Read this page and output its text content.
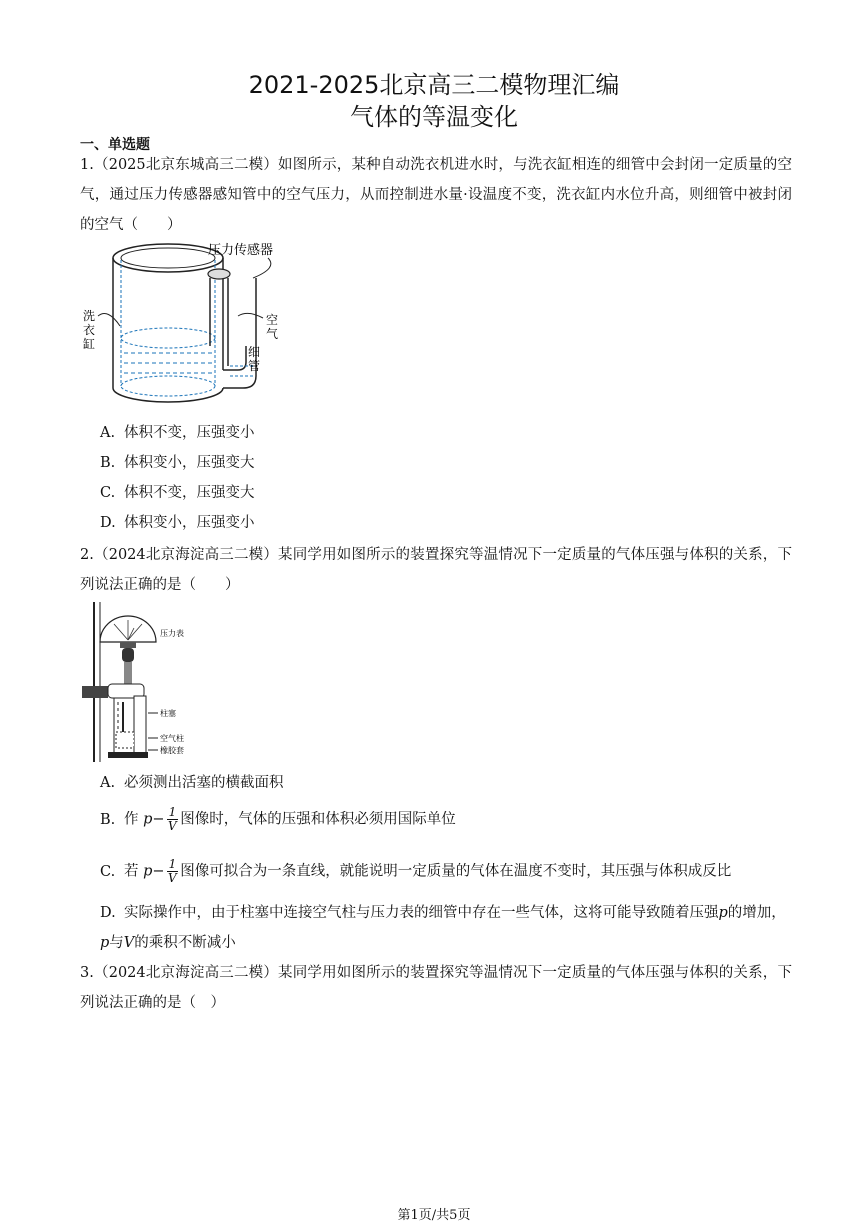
2021-2025北京高三二模物理汇编
气体的等温变化
一、单选题
1.（2025北京东城高三二模）如图所示，某种自动洗衣机进水时，与洗衣缸相连的细管中会封闭一定质量的空气，通过压力传感器感知管中的空气压力，从而控制进水量·设温度不变，洗衣缸内水位升高，则细管中被封闭的空气（　　）
压力传感器
洗
衣
缸
空
气
细
管
A. 体积不变，压强变小
B. 体积变小，压强变大
C. 体积不变，压强变大
D. 体积变小，压强变小
2.（2024北京海淀高三二模）某同学用如图所示的装置探究等温情况下一定质量的气体压强与体积的关系，下列说法正确的是（　　）
压力表
柱塞
空气柱
橡胶套
A. 必须测出活塞的横截面积
B. 作 $p- \frac{1}{V}$ 图像时，气体的压强和体积必须用国际单位
C. 若 $p- \frac{1}{V}$ 图像可拟合为一条直线，就能说明一定质量的气体在温度不变时，其压强与体积成反比
D. 实际操作中，由于柱塞中连接空气柱与压力表的细管中存在一些气体，这将可能导致随着压强p的增加，p与V的乘积不断减小
3.（2024北京海淀高三二模）某同学用如图所示的装置探究等温情况下一定质量的气体压强与体积的关系，下列说法正确的是（　）
第1页/共5页
